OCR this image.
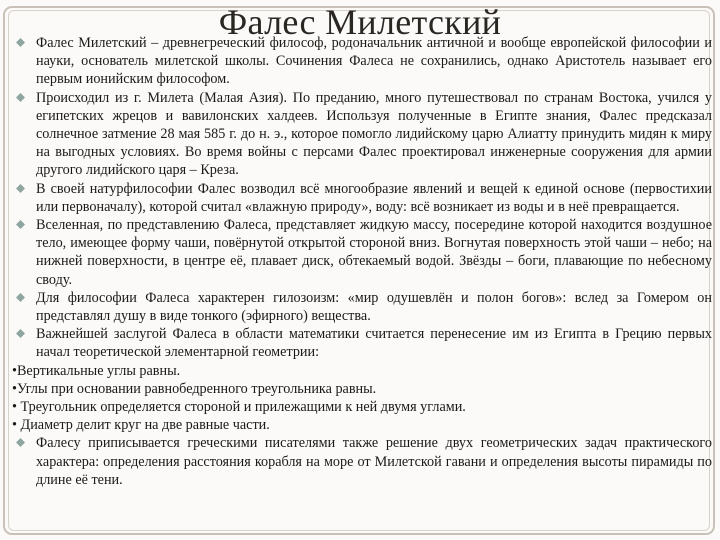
Фалес Милетский
Фалес Милетский – древнегреческий философ, родоначальник античной и вообще европейской философии и науки, основатель милетской школы. Сочинения Фалеса не сохранились, однако Аристотель называет его первым ионийским философом.
Происходил из г. Милета (Малая Азия). По преданию, много путешествовал по странам Востока, учился у египетских жрецов и вавилонских халдеев. Используя полученные в Египте знания, Фалес предсказал солнечное затмение 28 мая 585 г. до н. э., которое помогло лидийскому царю Алиатту принудить мидян к миру на выгодных условиях. Во время войны с персами Фалес проектировал инженерные сооружения для армии другого лидийского царя – Креза.
В своей натурфилософии Фалес возводил всё многообразие явлений и вещей к единой основе (первостихии или первоначалу), которой считал «влажную природу», воду: всё возникает из воды и в неё превращается.
Вселенная, по представлению Фалеса, представляет жидкую массу, посередине которой находится воздушное тело, имеющее форму чаши, повёрнутой открытой стороной вниз. Вогнутая поверхность этой чаши – небо; на нижней поверхности, в центре её, плавает диск, обтекаемый водой. Звёзды – боги, плавающие по небесному своду.
Для философии Фалеса характерен гилозоизм: «мир одушевлён и полон богов»: вслед за Гомером он представлял душу в виде тонкого (эфирного) вещества.
Важнейшей заслугой Фалеса в области математики считается перенесение им из Египта в Грецию первых начал теоретической элементарной геометрии:
•Вертикальные углы равны.
•Углы при основании равнобедренного треугольника равны.
• Треугольник определяется стороной и прилежащими к ней двумя углами.
• Диаметр делит круг на две равные части.
Фалесу приписывается греческими писателями также решение двух геометрических задач практического характера: определения расстояния корабля на море от Милетской гавани и определения высоты пирамиды по длине её тени.
